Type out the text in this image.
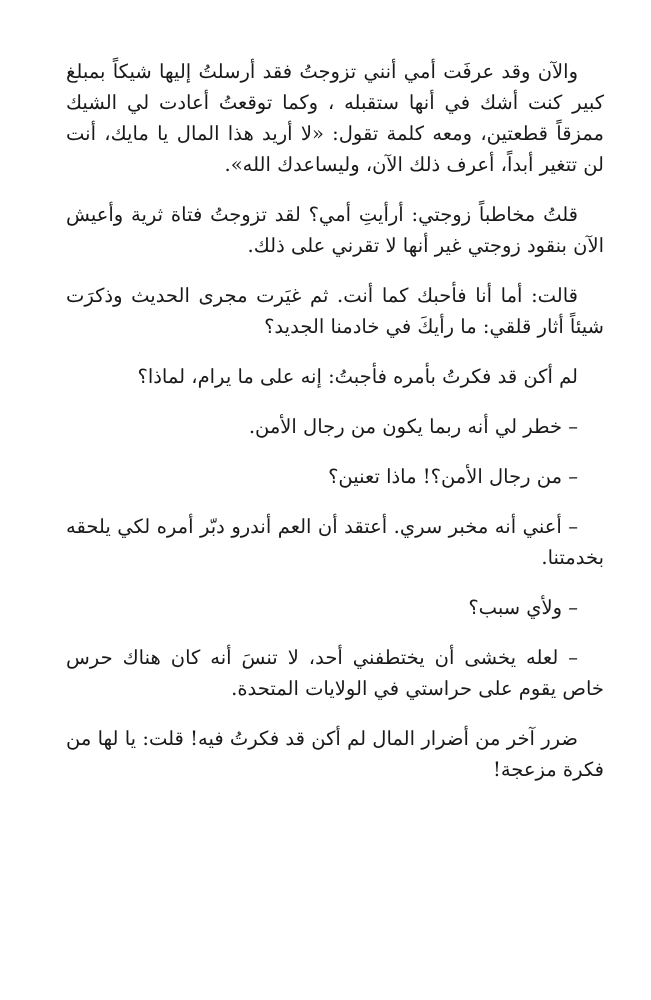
والآن وقد عرفَت أمي أنني تزوجتُ فقد أرسلتُ إليها شيكاً بمبلغ كبير كنت أشك في أنها ستقبله ، وكما توقعتُ أعادت لي الشيك ممزقاً قطعتين، ومعه كلمة تقول: «لا أريد هذا المال يا مايك، أنت لن تتغير أبداً، أعرف ذلك الآن، وليساعدك الله».

قلتُ مخاطباً زوجتي: أرأيتِ أمي؟ لقد تزوجتُ فتاة ثرية وأعيش الآن بنقود زوجتي غير أنها لا تقرني على ذلك.

قالت: أما أنا فأحبك كما أنت. ثم غيَرت مجرى الحديث وذكرَت شيئاً أثار قلقي: ما رأيكَ في خادمنا الجديد؟

لم أكن قد فكرتُ بأمره فأجبتُ: إنه على ما يرام، لماذا؟

– خطر لي أنه ربما يكون من رجال الأمن.

– من رجال الأمن؟! ماذا تعنين؟

– أعني أنه مخبر سري. أعتقد أن العم أندرو دبّر أمره لكي يلحقه بخدمتنا.

– ولأي سبب؟

– لعله يخشى أن يختطفني أحد، لا تنسَ أنه كان هناك حرس خاص يقوم على حراستي في الولايات المتحدة.

ضرر آخر من أضرار المال لم أكن قد فكرتُ فيه! قلت: يا لها من فكرة مزعجة!
